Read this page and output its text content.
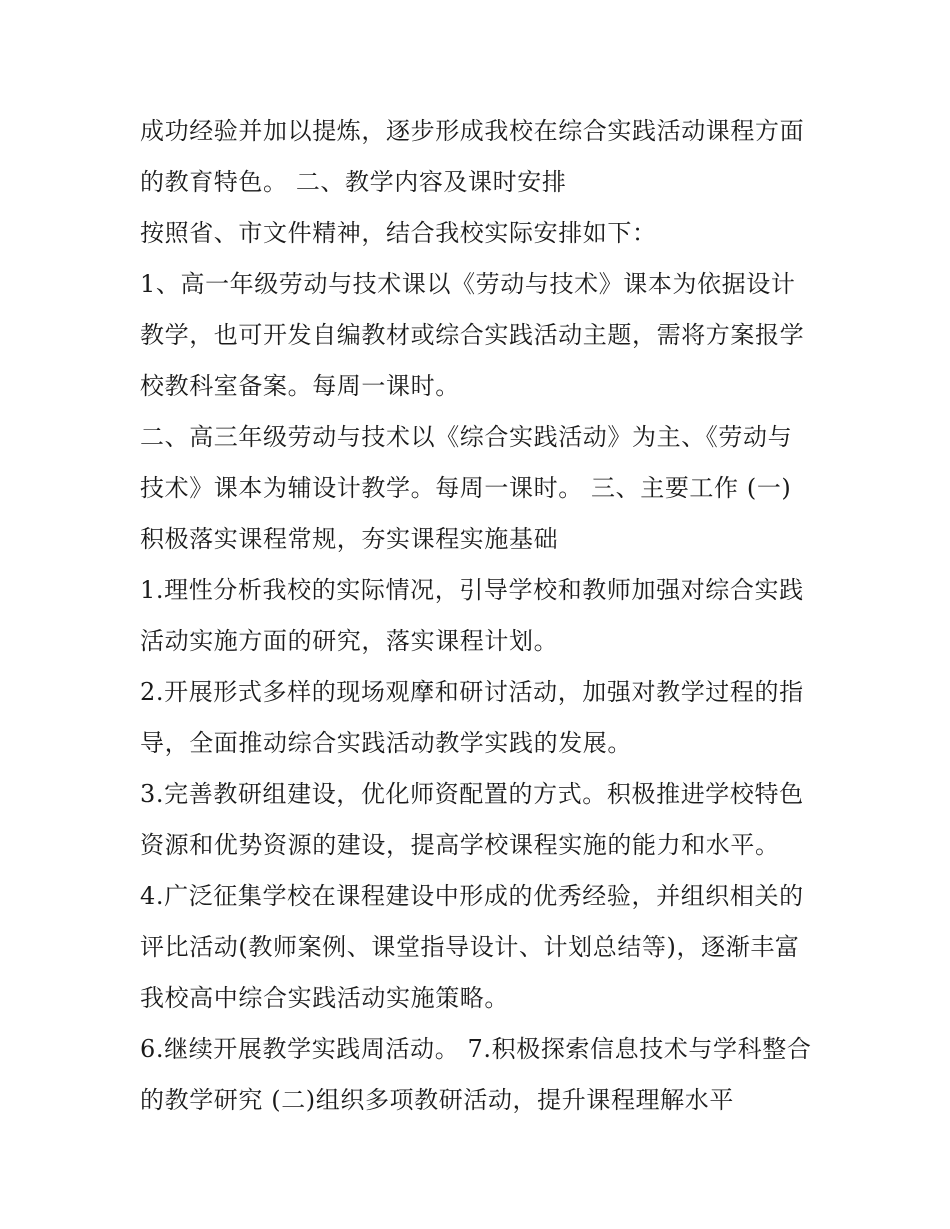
成功经验并加以提炼，逐步形成我校在综合实践活动课程方面
的教育特色。 二、教学内容及课时安排
按照省、市文件精神，结合我校实际安排如下：
1、高一年级劳动与技术课以《劳动与技术》课本为依据设计
教学，也可开发自编教材或综合实践活动主题，需将方案报学
校教科室备案。每周一课时。
二、高三年级劳动与技术以《综合实践活动》为主、《劳动与
技术》课本为辅设计教学。每周一课时。 三、主要工作 (一)
积极落实课程常规，夯实课程实施基础
1.理性分析我校的实际情况，引导学校和教师加强对综合实践
活动实施方面的研究，落实课程计划。
2.开展形式多样的现场观摩和研讨活动，加强对教学过程的指
导，全面推动综合实践活动教学实践的发展。
3.完善教研组建设，优化师资配置的方式。积极推进学校特色
资源和优势资源的建设，提高学校课程实施的能力和水平。
4.广泛征集学校在课程建设中形成的优秀经验，并组织相关的
评比活动(教师案例、课堂指导设计、计划总结等)，逐渐丰富
我校高中综合实践活动实施策略。
6.继续开展教学实践周活动。 7.积极探索信息技术与学科整合
的教学研究 (二)组织多项教研活动，提升课程理解水平
